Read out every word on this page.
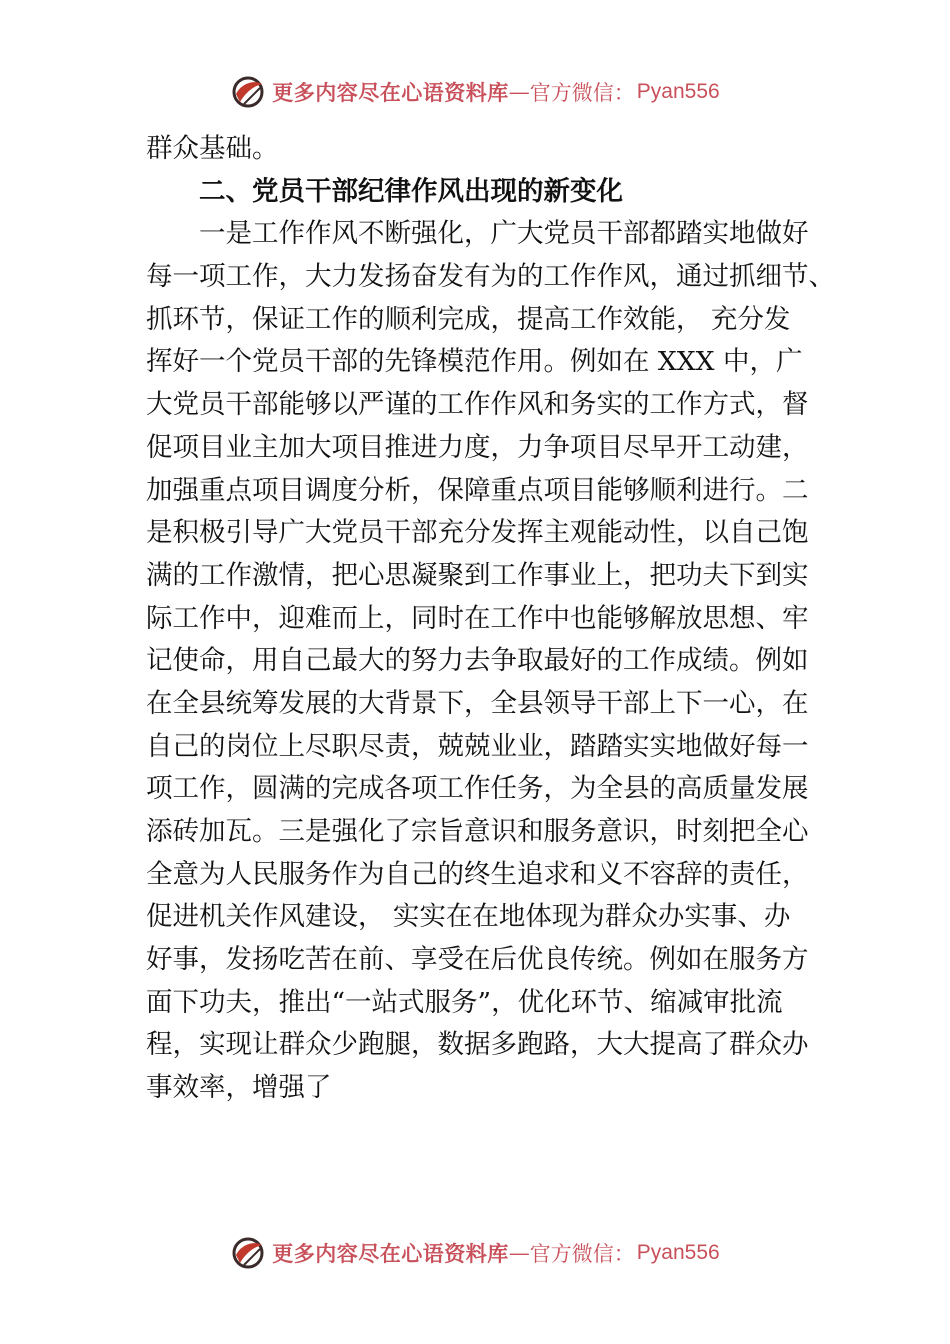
更多内容尽在心语资料库 — 官方微信： Pyan556
群众基础。
二、党员干部纪律作风出现的新变化
一是工作作风不断强化，广大党员干部都踏实地做好
每一项工作，大力发扬奋发有为的工作作风，通过抓细节、
抓环节，保证工作的顺利完成，提高工作效能， 充分发
挥好一个党员干部的先锋模范作用。例如在 XXX 中，广
大党员干部能够以严谨的工作作风和务实的工作方式，督
促项目业主加大项目推进力度，力争项目尽早开工动建，
加强重点项目调度分析，保障重点项目能够顺利进行。二
是积极引导广大党员干部充分发挥主观能动性，以自己饱
满的工作激情，把心思凝聚到工作事业上，把功夫下到实
际工作中，迎难而上，同时在工作中也能够解放思想、牢
记使命，用自己最大的努力去争取最好的工作成绩。例如
在全县统筹发展的大背景下，全县领导干部上下一心，在
自己的岗位上尽职尽责，兢兢业业，踏踏实实地做好每一
项工作，圆满的完成各项工作任务，为全县的高质量发展
添砖加瓦。三是强化了宗旨意识和服务意识，时刻把全心
全意为人民服务作为自己的终生追求和义不容辞的责任，
促进机关作风建设， 实实在在地体现为群众办实事、办
好事，发扬吃苦在前、享受在后优良传统。例如在服务方
面下功夫，推出“一站式服务”，优化环节、缩减审批流
程，实现让群众少跑腿，数据多跑路，大大提高了群众办
事效率，增强了
更多内容尽在心语资料库 — 官方微信： Pyan556
